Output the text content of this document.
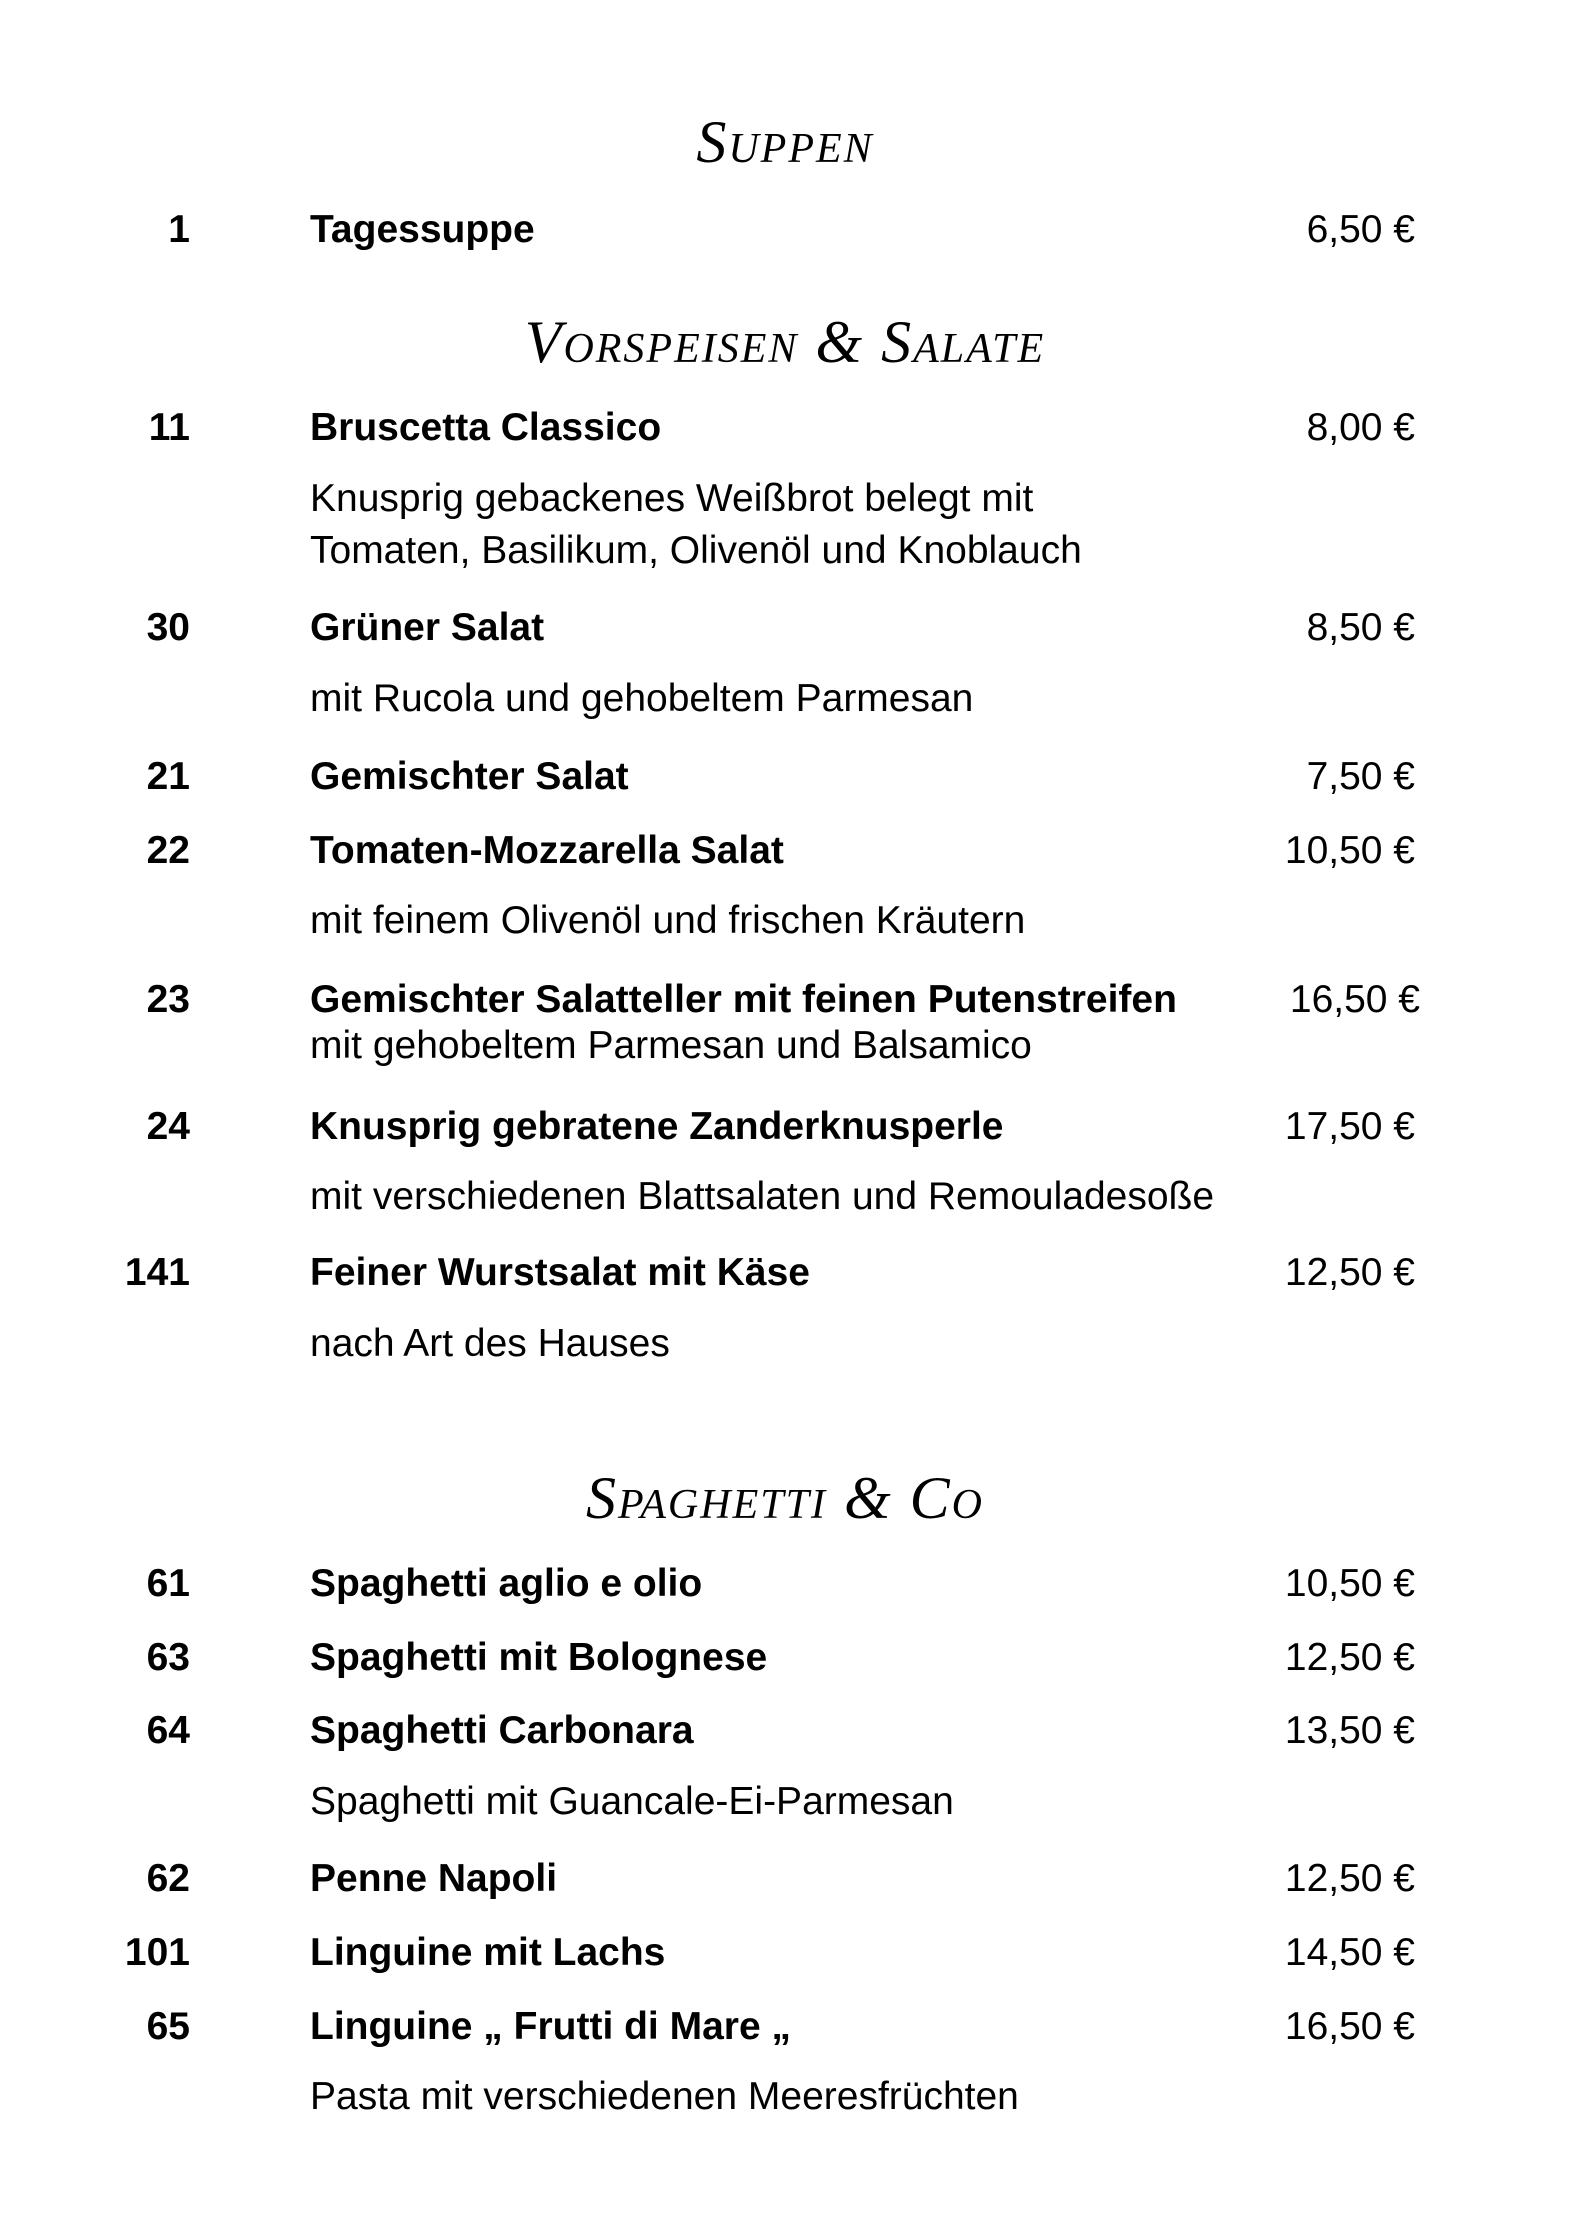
Suppen
1	Tagessuppe	6,50 €
Vorspeisen & Salate
11	Bruscetta Classico	8,00 €
Knusprig gebackenes Weißbrot belegt mit
Tomaten, Basilikum, Olivenöl und Knoblauch
30	Grüner Salat	8,50 €
mit Rucola und gehobeltem Parmesan
21	Gemischter Salat	7,50 €
22	Tomaten-Mozzarella Salat	10,50 €
mit feinem Olivenöl und frischen Kräutern
23	Gemischter Salatteller mit feinen Putenstreifen	16,50 €
mit gehobeltem Parmesan und Balsamico
24	Knusprig gebratene Zanderknusperle	17,50 €
mit verschiedenen Blattsalaten und Remouladesoße
141	Feiner Wurstsalat mit Käse	12,50 €
nach Art des Hauses
Spaghetti & Co
61	Spaghetti aglio e olio	10,50 €
63	Spaghetti mit Bolognese	12,50 €
64	Spaghetti Carbonara	13,50 €
Spaghetti mit Guancale-Ei-Parmesan
62	Penne Napoli	12,50 €
101	Linguine mit Lachs	14,50 €
65	Linguine „ Frutti di Mare „	16,50 €
Pasta mit verschiedenen Meeresfrüchten
